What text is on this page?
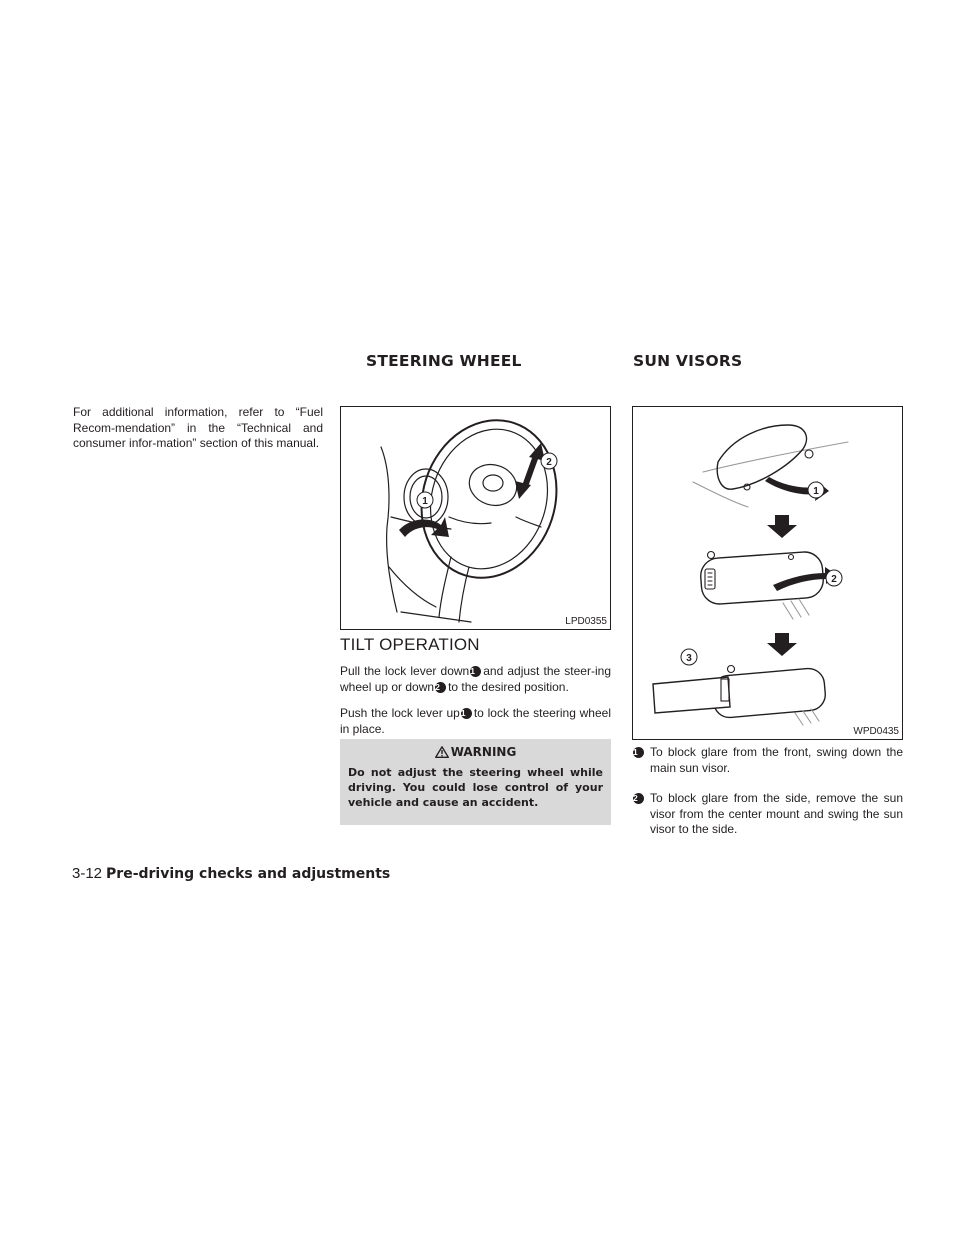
STEERING WHEEL	SUN VISORS
For additional information, refer to “Fuel Recom-mendation” in the “Technical and consumer infor-mation” section of this manual.
1
2
LPD0355
TILT OPERATION

Pull the lock lever down1 and adjust the steer-ing wheel up or down2 to the desired position.

Push the lock lever up1 to lock the steering wheel in place.

WARNING
Do not adjust the steering wheel while driving. You could lose control of your vehicle and cause an accident.
1
2
3
WPD0435
1	To block glare from the front, swing down the main sun visor.
2	To block glare from the side, remove the sun visor from the center mount and swing the sun visor to the side.
3-12 Pre-driving checks and adjustments
